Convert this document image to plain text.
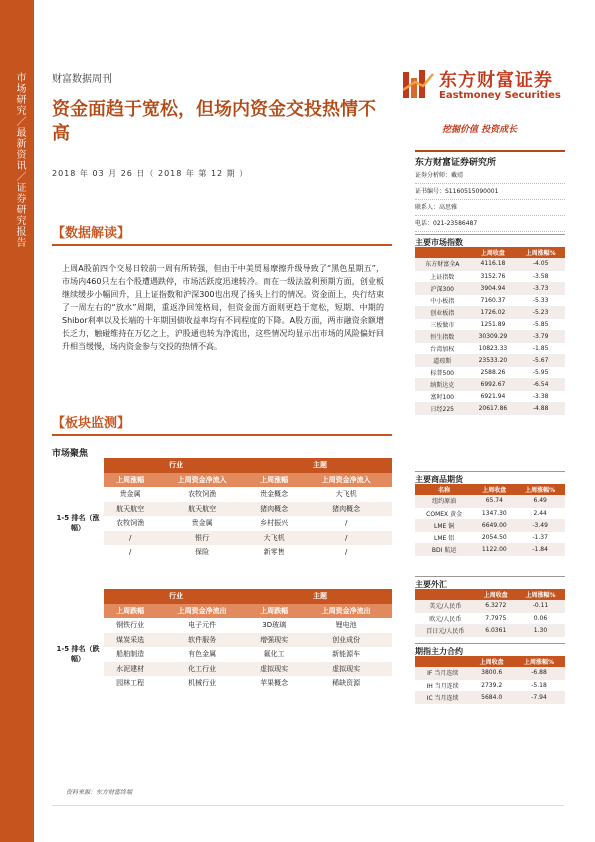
市场研究／最新资讯／证券研究报告	财富数据周刊
资金面趋于宽松，但场内资金交投热情不高
2018 年 03 月 26 日（ 2018 年 第 12 期 ）
东方财富证券
Eastmoney Securities
挖掘价值 投资成长
东方财富证券研究所
证券分析师：戴靖
证书编号：S1160515090001
联系人：高思雅
电话：021-23586487
主要市场指数
	上周收盘	上周涨幅%
东方财富全A	4116.18	-4.05
上证指数	3152.76	-3.58
沪深300	3904.94	-3.73
中小板指	7160.37	-5.33
创业板指	1726.02	-5.23
三板做市	1251.89	-5.85
恒生指数	30309.29	-3.79
台湾加权	10823.33	-1.85
道琼斯	23533.20	-5.67
标普500	2588.26	-5.95
纳斯达克	6992.67	-6.54
富时100	6921.94	-3.38
日经225	20617.86	-4.88
主要商品期货
名称	上周收盘	上周涨幅%
纽约原油	65.74	6.49
COMEX 黄金	1347.30	2.44
LME 铜	6649.00	-3.49
LME 铝	2054.50	-1.37
BDI 航运	1122.00	-1.84
主要外汇
	上周收盘	上周涨幅%
美元/人民币	6.3272	-0.11
欧元/人民币	7.7975	0.06
百日元/人民币	6.0361	1.30
期指主力合约
	上周收盘	上周涨幅%
IF 当月连续	3800.6	-6.88
IH 当月连续	2739.2	-5.18
IC 当月连续	5684.0	-7.94
【数据解读】
上周A股前四个交易日较前一周有所转强，但由于中美贸易摩擦升级导致了“黑色星期五”，市场内460只左右个股遭遇跌停，市场活跃度迅速转冷。而在一级法盈利预期方面，创业板继续缓步小幅回升，且上证指数和沪深300也出现了扬头上行的情况。资金面上，央行结束了一周左右的“放水”周期，重返净回笼格局，但资金面方面则更趋于宽松，短期、中期的Shibor利率以及长端的十年期国债收益率均有不同程度的下降。A股方面，两市融资余额增长乏力，触碰维持在万亿之上，沪股通也转为净流出，这些情况均显示出市场的风险偏好回升相当缓慢，场内资金参与交投的热情不高。
【板块监测】
市场聚焦
	行业		主题	
	上周涨幅	上周资金净流入	上周涨幅	上周资金净流入
1-5 排名（涨幅）	贵金属	农牧饲渔	贵金概念	大飞机
	航天航空	航天航空	猪肉概念	猪肉概念
	农牧饲渔	贵金属	乡村振兴	/
	/	银行	大飞机	/
	/	保险	新零售	/
	行业		主题	
	上周跌幅	上周资金净流出	上周跌幅	上周资金净流出
1-5 排名（跌幅）	钢铁行业	电子元件	3D玻璃	锂电池
	煤炭采选	软件服务	增强现实	创业成份
	船舶制造	有色金属	氟化工	新能源车
	水泥建材	化工行业	虚拟现实	虚拟现实
	园林工程	机械行业	苹果概念	稀缺资源
资料来源：东方财富终端
